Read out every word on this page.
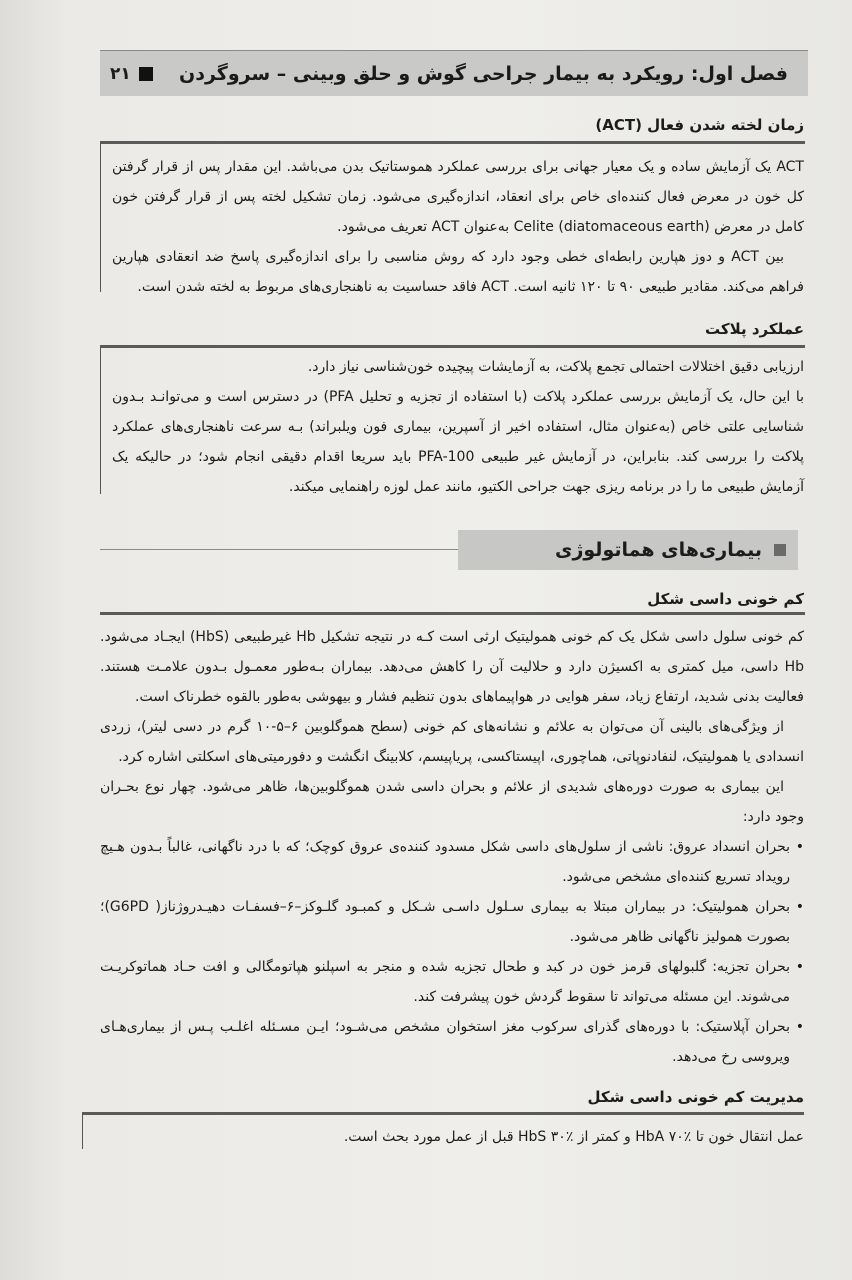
فصل اول: رویکرد به بیمار جراحی گوش و حلق وبینی – سروگردن
۲۱
زمان لخته شدن فعال (ACT)

ACT یک آزمایش ساده و یک معیار جهانی برای بررسی عملکرد هموستاتیک بدن می‌باشد. این مقدار پس از قرار گرفتن کل خون در معرض فعال کننده‌ای خاص برای انعقاد، اندازه‌گیری می‌شود. زمان تشکیل لخته پس از قرار گرفتن خون کامل در معرض (diatomaceous earth) Celite به‌عنوان ACT تعریف می‌شود.

بین ACT و دوز هپارین رابطه‌ای خطی وجود دارد که روش مناسبی را برای اندازه‌گیری پاسخ ضد انعقادی هپارین فراهم می‌کند. مقادیر طبیعی ۹۰ تا ۱۲۰ ثانیه است. ACT فاقد حساسیت به ناهنجاری‌های مربوط به لخته شدن است.

عملکرد پلاکت

ارزیابی دقیق اختلالات احتمالی تجمع پلاکت، به آزمایشات پیچیده خون‌شناسی نیاز دارد.

با این حال، یک آزمایش بررسی عملکرد پلاکت (با استفاده از تجزیه و تحلیل PFA) در دسترس است و می‌توانـد بـدون شناسایی علتی خاص (به‌عنوان مثال، استفاده اخیر از آسپرین، بیماری فون ویلبراند) بـه سرعت ناهنجاری‌های عملکرد پلاکت را بررسی کند. بنابراین، در آزمایش غیر طبیعی PFA-100 باید سریعا اقدام دقیقی انجام شود؛ در حالیکه یک آزمایش طبیعی ما را در برنامه ریزی جهت جراحی الکتیو، مانند عمل لوزه راهنمایی میکند.

بیماری‌های هماتولوژی
کم خونی داسی شکل

کم خونی سلول داسی شکل یک کم خونی همولیتیک ارثی است کـه در نتیجه تشکیل Hb غیرطبیعی (HbS) ایجـاد می‌شود. Hb داسی، میل کمتری به اکسیژن دارد و حلالیت آن را کاهش می‌دهد. بیماران بـه‌طور معمـول بـدون علامـت هستند. فعالیت بدنی شدید، ارتفاع زیاد، سفر هوایی در هواپیماهای بدون تنظیم فشار و بیهوشی به‌طور بالقوه خطرناک است.

از ویژگی‌های بالینی آن می‌توان به علائم و نشانه‌های کم خونی (سطح هموگلوبین ۶–۵-۱۰ گرم در دسی لیتر)، زردی انسدادی یا همولیتیک، لنفادنوپاتی، هماچوری، اپیستاکسی، پریاپیسم، کلابینگ انگشت و دفورمیتی‌های اسکلتی اشاره کرد.

این بیماری به صورت دوره‌های شدیدی از علائم و بحران داسی شدن هموگلوبین‌ها، ظاهر می‌شود. چهار نوع بحـران وجود دارد:

• بحران انسداد عروق: ناشی از سلول‌های داسی شکل مسدود کننده‌ی عروق کوچک؛ که با درد ناگهانی، غالباً بـدون هـیچ رویداد تسریع کننده‌ای مشخص می‌شود.
• بحران همولیتیک: در بیماران مبتلا به بیماری سـلول داسـی شـکل و کمبـود گلـوکز–۶–فسفـات دهیـدروژناز( G6PD)؛ بصورت همولیز ناگهانی ظاهر می‌شود.
• بحران تجزیه: گلبولهای قرمز خون در کبد و طحال تجزیه شده و منجر به اسپلنو هپاتومگالی و افت حـاد هماتوکریـت می‌شوند. این مسئله می‌تواند تا سقوط گردش خون پیشرفت کند.
• بحران آپلاستیک: با دوره‌های گذرای سرکوب مغز استخوان مشخص می‌شـود؛ ایـن مسـئله اغلـب پـس از بیماری‌هـای ویروسی رخ می‌دهد.
مدیریت کم خونی داسی شکل

عمل انتقال خون تا ٪۷۰ HbA و کمتر از ٪۳۰ HbS قبل از عمل مورد بحث است.
